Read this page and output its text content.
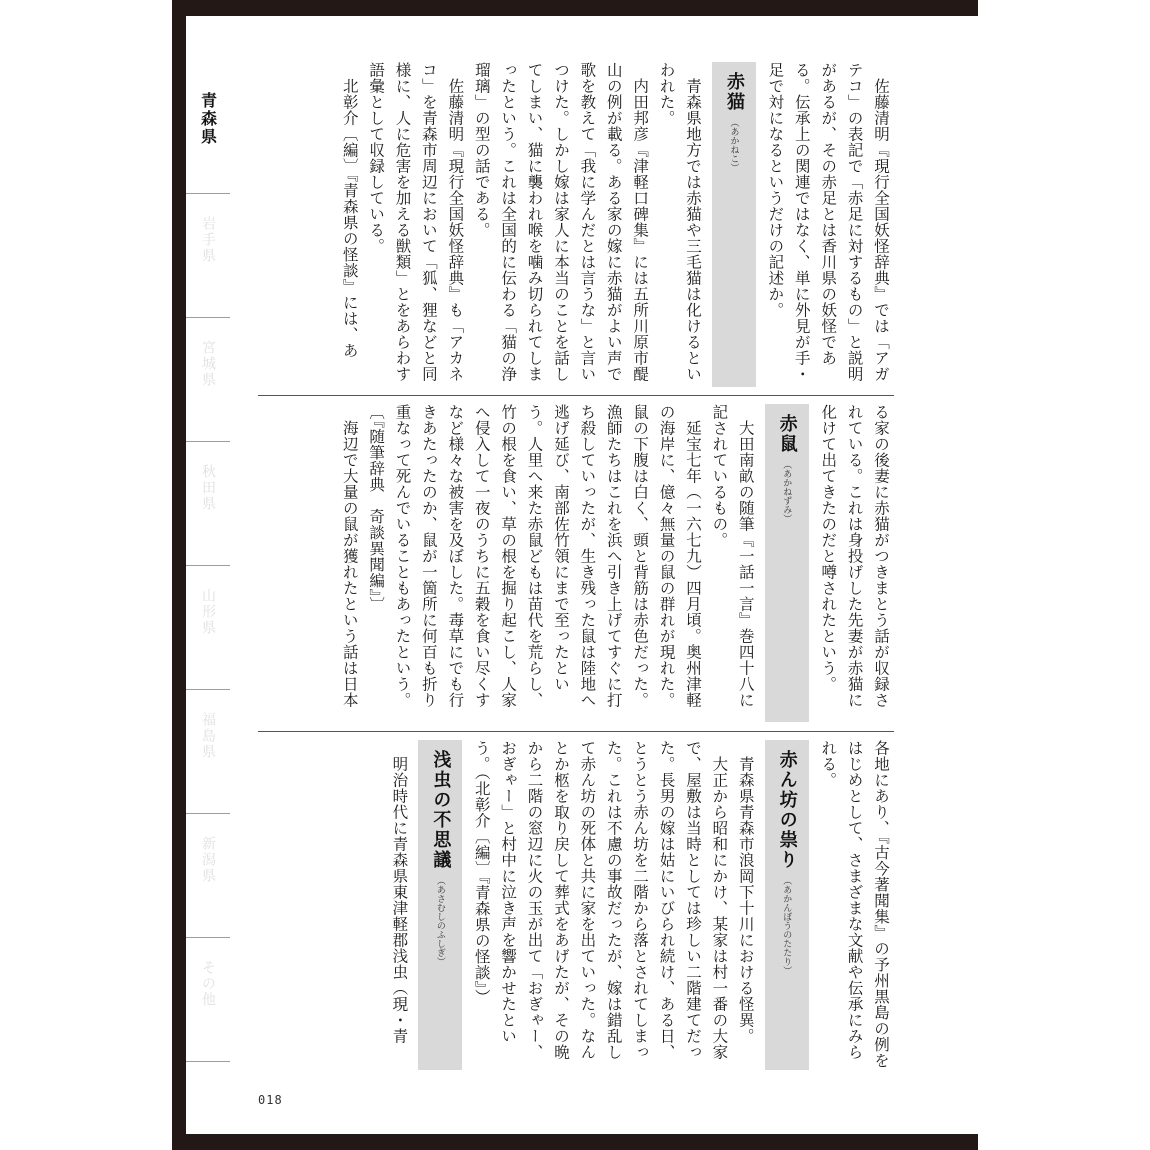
青森県
岩手県
宮城県
秋田県
山形県
福島県
新潟県
その他

佐藤清明『現行全国妖怪辞典』では「アガテコ」の表記で「赤足に対するもの」と説明があるが、その赤足とは香川県の妖怪である。伝承上の関連ではなく、単に外見が手・足で対になるというだけの記述か。

赤猫
（あかねこ）

青森県地方では赤猫や三毛猫は化けるといわれた。

内田邦彦『津軽口碑集』には五所川原市醍山の例が載る。ある家の嫁に赤猫がよい声で歌を教えて「我に学んだとは言うな」と言いつけた。しかし嫁は家人に本当のことを話してしまい、猫に襲われ喉を噛み切られてしまったという。これは全国的に伝わる「猫の浄瑠璃」の型の話である。

佐藤清明『現行全国妖怪辞典』も「アカネコ」を青森市周辺において「狐、狸などと同様に、人に危害を加える獣類」とをあらわす語彙として収録している。

北彰介〔編〕『青森県の怪談』には、あ

る家の後妻に赤猫がつきまとう話が収録されている。これは身投げした先妻が赤猫に化けて出てきたのだと噂されたという。

赤鼠
（あかねずみ）

大田南畝の随筆『一話一言』巻四十八に記されているもの。

延宝七年（一六七九）四月頃。奥州津軽の海岸に、億々無量の鼠の群れが現れた。鼠の下腹は白く、頭と背筋は赤色だった。漁師たちはこれを浜へ引き上げてすぐに打ち殺していったが、生き残った鼠は陸地へ逃げ延び、南部佐竹領にまで至ったという。人里へ来た赤鼠どもは苗代を荒らし、竹の根を食い、草の根を掘り起こし、人家へ侵入して一夜のうちに五穀を食い尽くすなど様々な被害を及ぼした。毒草にでも行きあたったのか、鼠が一箇所に何百も折り重なって死んでいることもあったという。

〔『随筆辞典　奇談異聞編』〕

海辺で大量の鼠が獲れたという話は日本

各地にあり、『古今著聞集』の予州黒島の例をはじめとして、さまざまな文献や伝承にみられる。

赤ん坊の祟り
（あかんぼうのたたり）

青森県青森市浪岡下十川における怪異。

大正から昭和にかけ、某家は村一番の大家で、屋敷は当時としては珍しい二階建てだった。長男の嫁は姑にいびられ続け、ある日、とうとう赤ん坊を二階から落とされてしまった。これは不慮の事故だったが、嫁は錯乱して赤ん坊の死体と共に家を出ていった。なんとか柩を取り戻して葬式をあげたが、その晩から二階の窓辺に火の玉が出て「おぎゃー、おぎゃー」と村中に泣き声を響かせたという。（北彰介〔編〕『青森県の怪談』）

浅虫の不思議
（あさむしのふしぎ）

明治時代に青森県東津軽郡浅虫（現・青

018
